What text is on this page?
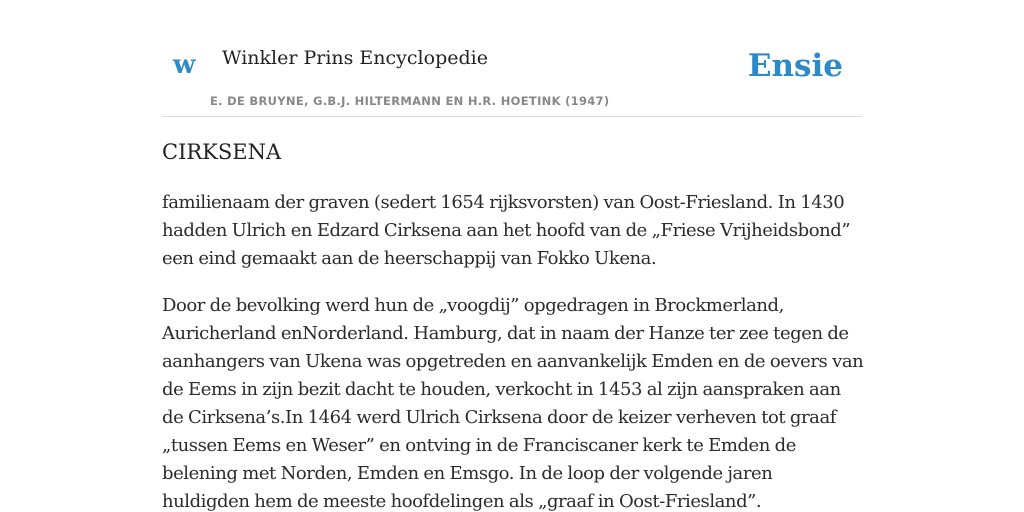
w Winkler Prins Encyclopedie
E. DE BRUYNE, G.B.J. HILTERMANN EN H.R. HOETINK (1947)
Ensie
CIRKSENA

familienaam der graven (sedert 1654 rijksvorsten) van Oost-Friesland. In 1430 hadden Ulrich en Edzard Cirksena aan het hoofd van de „Friese Vrijheidsbond” een eind gemaakt aan de heerschappij van Fokko Ukena.

Door de bevolking werd hun de „voogdij” opgedragen in Brockmerland, Auricherland enNorderland. Hamburg, dat in naam der Hanze ter zee tegen de aanhangers van Ukena was opgetreden en aanvankelijk Emden en de oevers van de Eems in zijn bezit dacht te houden, verkocht in 1453 al zijn aanspraken aan de Cirksena’s.In 1464 werd Ulrich Cirksena door de keizer verheven tot graaf „tussen Eems en Weser” en ontving in de Franciscaner kerk te Emden de belening met Norden, Emden en Emsgo. In de loop der volgende jaren huldigden hem de meeste hoofdelingen als „graaf in Oost-Friesland”.
